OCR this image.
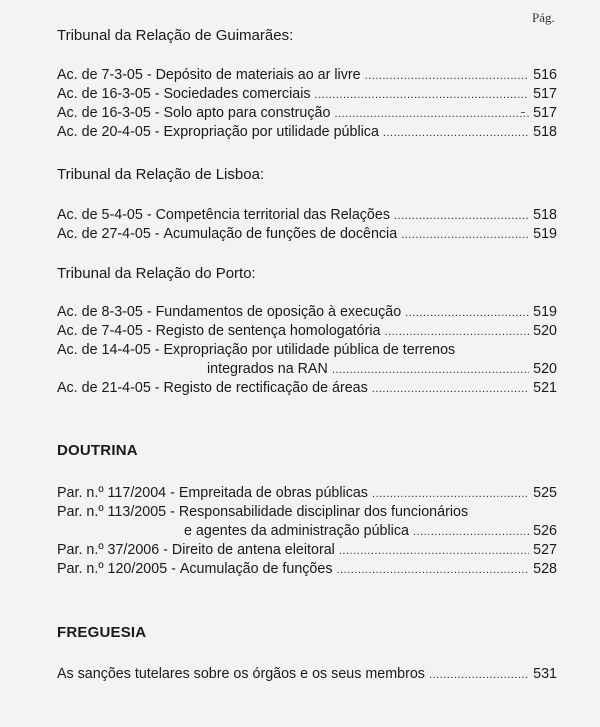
Pág.
Tribunal da Relação de Guimarães:
Ac. de 7-3-05 - Depósito de materiais ao ar livre .....	516
Ac. de 16-3-05 - Sociedades comerciais .....	517
Ac. de 16-3-05 - Solo apto para construção .....	517
Ac. de 20-4-05 - Expropriação por utilidade pública .....	518
Tribunal da Relação de Lisboa:
Ac. de 5-4-05 - Competência territorial das Relações .....	518
Ac. de 27-4-05 - Acumulação de funções de docência .....	519
Tribunal da Relação do Porto:
Ac. de 8-3-05 - Fundamentos de oposição à execução .....	519
Ac. de 7-4-05 - Registo de sentença homologatória .....	520
Ac. de 14-4-05 - Expropriação por utilidade pública de terrenos
integrados na RAN .....	520
Ac. de 21-4-05 - Registo de rectificação de áreas .....	521
DOUTRINA
Par. n.º 117/2004 - Empreitada de obras públicas .....	525
Par. n.º 113/2005 - Responsabilidade disciplinar dos funcionários
e agentes da administração pública .....	526
Par. n.º 37/2006 - Direito de antena eleitoral .....	527
Par. n.º 120/2005 - Acumulação de funções .....	528
FREGUESIA
As sanções tutelares sobre os órgãos e os seus membros .....	531
